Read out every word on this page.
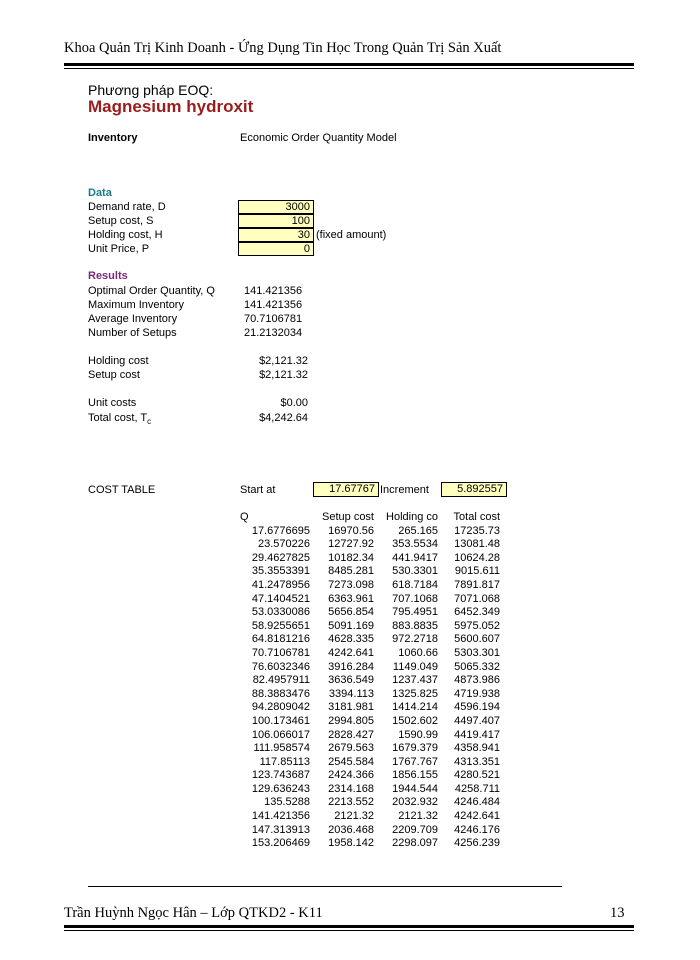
Khoa Quản Trị Kinh Doanh - Ứng Dụng Tin Học Trong Quản Trị Sản Xuất
Phương pháp EOQ:
Magnesium hydroxit
Inventory	Economic Order Quantity Model
Data
Demand rate, D	3000
Setup cost, S	100
Holding cost, H	30 (fixed amount)
Unit Price, P	0
Results
Optimal Order Quantity, Q	141.421356
Maximum Inventory	141.421356
Average Inventory	70.7106781
Number of Setups	21.2132034
Holding cost	$2,121.32
Setup cost	$2,121.32
Unit costs	$0.00
Total cost, $T_c$	$4,242.64
COST TABLE	Start at	17.67767 Increment	5.892557
Q	Setup cost	Holding co	Total cost
17.6776695	16970.56	265.165	17235.73
23.570226	12727.92	353.5534	13081.48
29.4627825	10182.34	441.9417	10624.28
35.3553391	8485.281	530.3301	9015.611
41.2478956	7273.098	618.7184	7891.817
47.1404521	6363.961	707.1068	7071.068
53.0330086	5656.854	795.4951	6452.349
58.9255651	5091.169	883.8835	5975.052
64.8181216	4628.335	972.2718	5600.607
70.7106781	4242.641	1060.66	5303.301
76.6032346	3916.284	1149.049	5065.332
82.4957911	3636.549	1237.437	4873.986
88.3883476	3394.113	1325.825	4719.938
94.2809042	3181.981	1414.214	4596.194
100.173461	2994.805	1502.602	4497.407
106.066017	2828.427	1590.99	4419.417
111.958574	2679.563	1679.379	4358.941
117.85113	2545.584	1767.767	4313.351
123.743687	2424.366	1856.155	4280.521
129.636243	2314.168	1944.544	4258.711
135.5288	2213.552	2032.932	4246.484
141.421356	2121.32	2121.32	4242.641
147.313913	2036.468	2209.709	4246.176
153.206469	1958.142	2298.097	4256.239
Trần Huỳnh Ngọc Hân – Lớp QTKD2 - K11	13
